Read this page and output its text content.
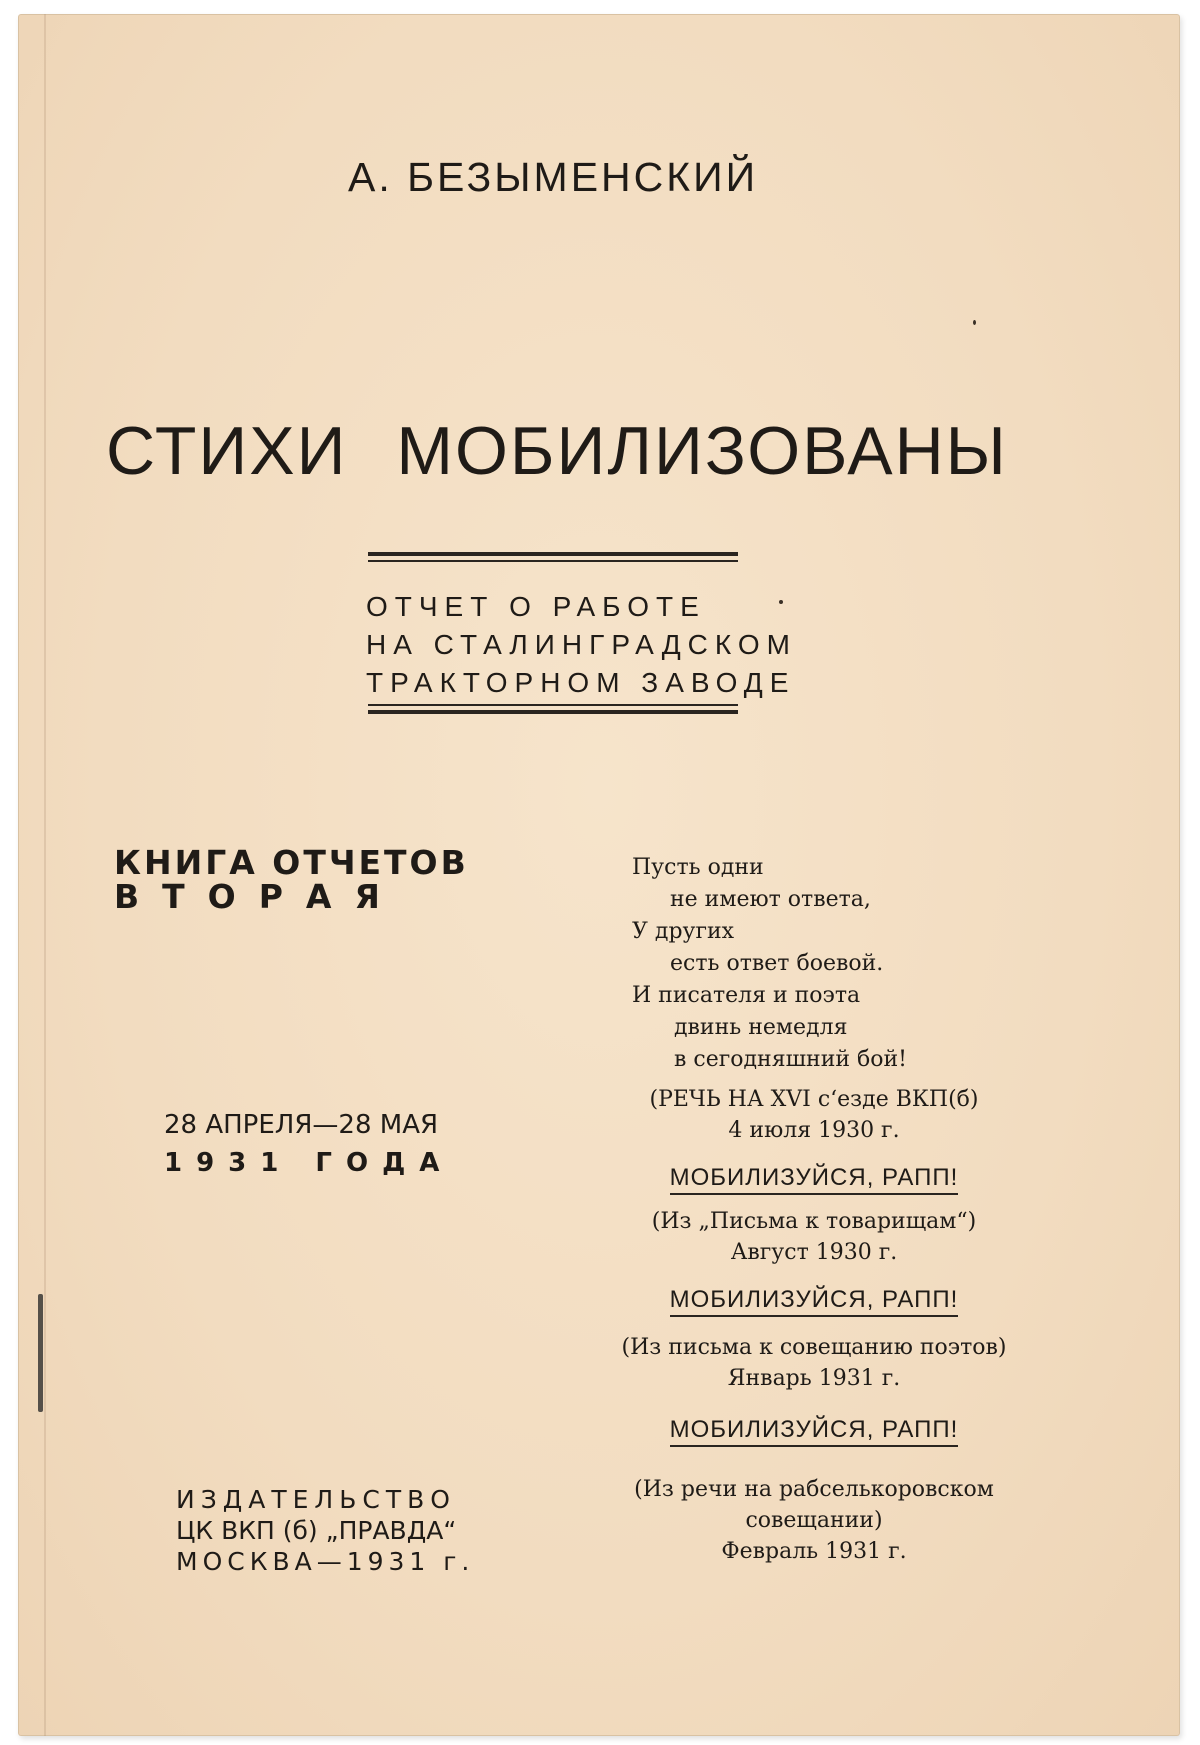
А. БЕЗЫМЕНСКИЙ
СТИХИ МОБИЛИЗОВАНЫ
ОТЧЕТ О РАБОТЕ
НА СТАЛИНГРАДСКОМ
ТРАКТОРНОМ ЗАВОДЕ
КНИГА ОТЧЕТОВ
ВТОРАЯ
28 АПРЕЛЯ—28 МАЯ
1931 ГОДА
ИЗДАТЕЛЬСТВО
ЦК ВКП (б) „ПРАВДА“
МОСКВА—1931 г.
Пусть одни
не имеют ответа,
У других
есть ответ боевой.
И писателя и поэта
двинь немедля
в сегодняшний бой!
(РЕЧЬ НА XVI с‘езде ВКП(б)
4 июля 1930 г.
МОБИЛИЗУЙСЯ, РАПП!
(Из „Письма к товарищам“)
Август 1930 г.
МОБИЛИЗУЙСЯ, РАПП!
(Из письма к совещанию поэтов)
Январь 1931 г.
МОБИЛИЗУЙСЯ, РАПП!
(Из речи на рабселькоровском
совещании)
Февраль 1931 г.
